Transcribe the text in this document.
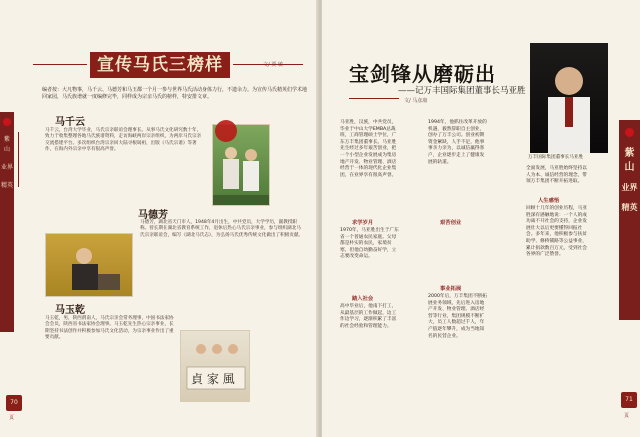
紫
山
业界
精英
宣传马氏三榜样	文/ 贾 敏
编者按：大凡物事，马千云、马德芳和马玉都一个月一参与世界马氏活动身体力行，不遗余力。为宣传马氏精英们学术地回家园，马氏族谱就一度编修完毕，同样成为宗亲马氏的榜样，特安排文章。
马千云
马千云，台湾大学毕业，马氏宗亲联谊会理事长。从事马氏文化研究数十年，致力于收集整理各地马氏族谱资料，走访海峡两岸宗亲组织，为两岸马氏宗亲交流搭建平台。多次组织台湾宗亲回大陆寻根谒祖，出版《马氏宗谱》等著作，在海内外宗亲中享有很高声誉。
马德芳
马德芳，湖北省天门市人，1948年4月出生，中共党员，大学学历，副教授职称。曾长期在湖北省教育系统工作，退休后热心马氏宗亲事业，参与组织湖北马氏宗亲联谊会，编写《湖北马氏志》，为弘扬马氏优秀传统文化做出了积极贡献。
马玉乾
马玉乾，男，陕西渭南人，马氏宗亲会常务理事，中国书法家协会会员，陕西省书法家协会理事。马玉乾先生热心宗亲事业，长期坚持书法创作并积极参加马氏文化活动，为宗亲事业作出了重要贡献。
貞 家 風
70
页
宝剑锋从磨砺出
——记万丰国际集团董事长马亚胜
文/ 马彦康
马亚胜，汉族，中共党员，毕业于中山大学EMBA总裁班，工商管理硕士学位，广东万丰集团董事长。马亚胜先生经过多年艰苦创业，把一个小型企业发展成为集房地产开发、物业管理、酒店经营于一体的现代化企业集团，在业界享有很高声誉。
求学岁月
1970年，马亚胜出生于广东省一个普通农民家庭。父母都是朴实的农民，家境贫寒，但他自幼勤奋好学，立志要改变命运。
踏入社会
高中毕业后，他南下打工，从最基层的工作做起，边工作边学习，逐渐积累了丰富的社会经验和管理能力。
艰苦创业
1994年，他抓住改革开放的机遇，毅然辞职自主创业，创办了万丰公司。创业初期资金紧缺，人手不足，他事事亲力亲为，以诚信赢得客户，企业逐步走上了健康发展的轨道。
事业拓展
2000年后，万丰集团不断拓展业务领域，先后进入房地产开发、物业管理、酒店经营等行业，集团规模不断扩大，员工人数超过千人，年产值逐年攀升，成为当地知名的民营企业。
全面发展，马亚胜始终坚持以人为本、诚信经营的理念，带领万丰集团不断开拓进取。
人生感悟
回顾十几年的创业历程，马亚胜深有感触地说：一个人的成功离不开社会的支持，企业发展壮大以后更要懂得回报社会。多年来，他积极参与扶贫助学、修桥铺路等公益事业，累计捐款数百万元，受到社会各界的广泛赞誉。
万丰国际集团董事长马亚胜	紫
山
业界
精英
71
页
